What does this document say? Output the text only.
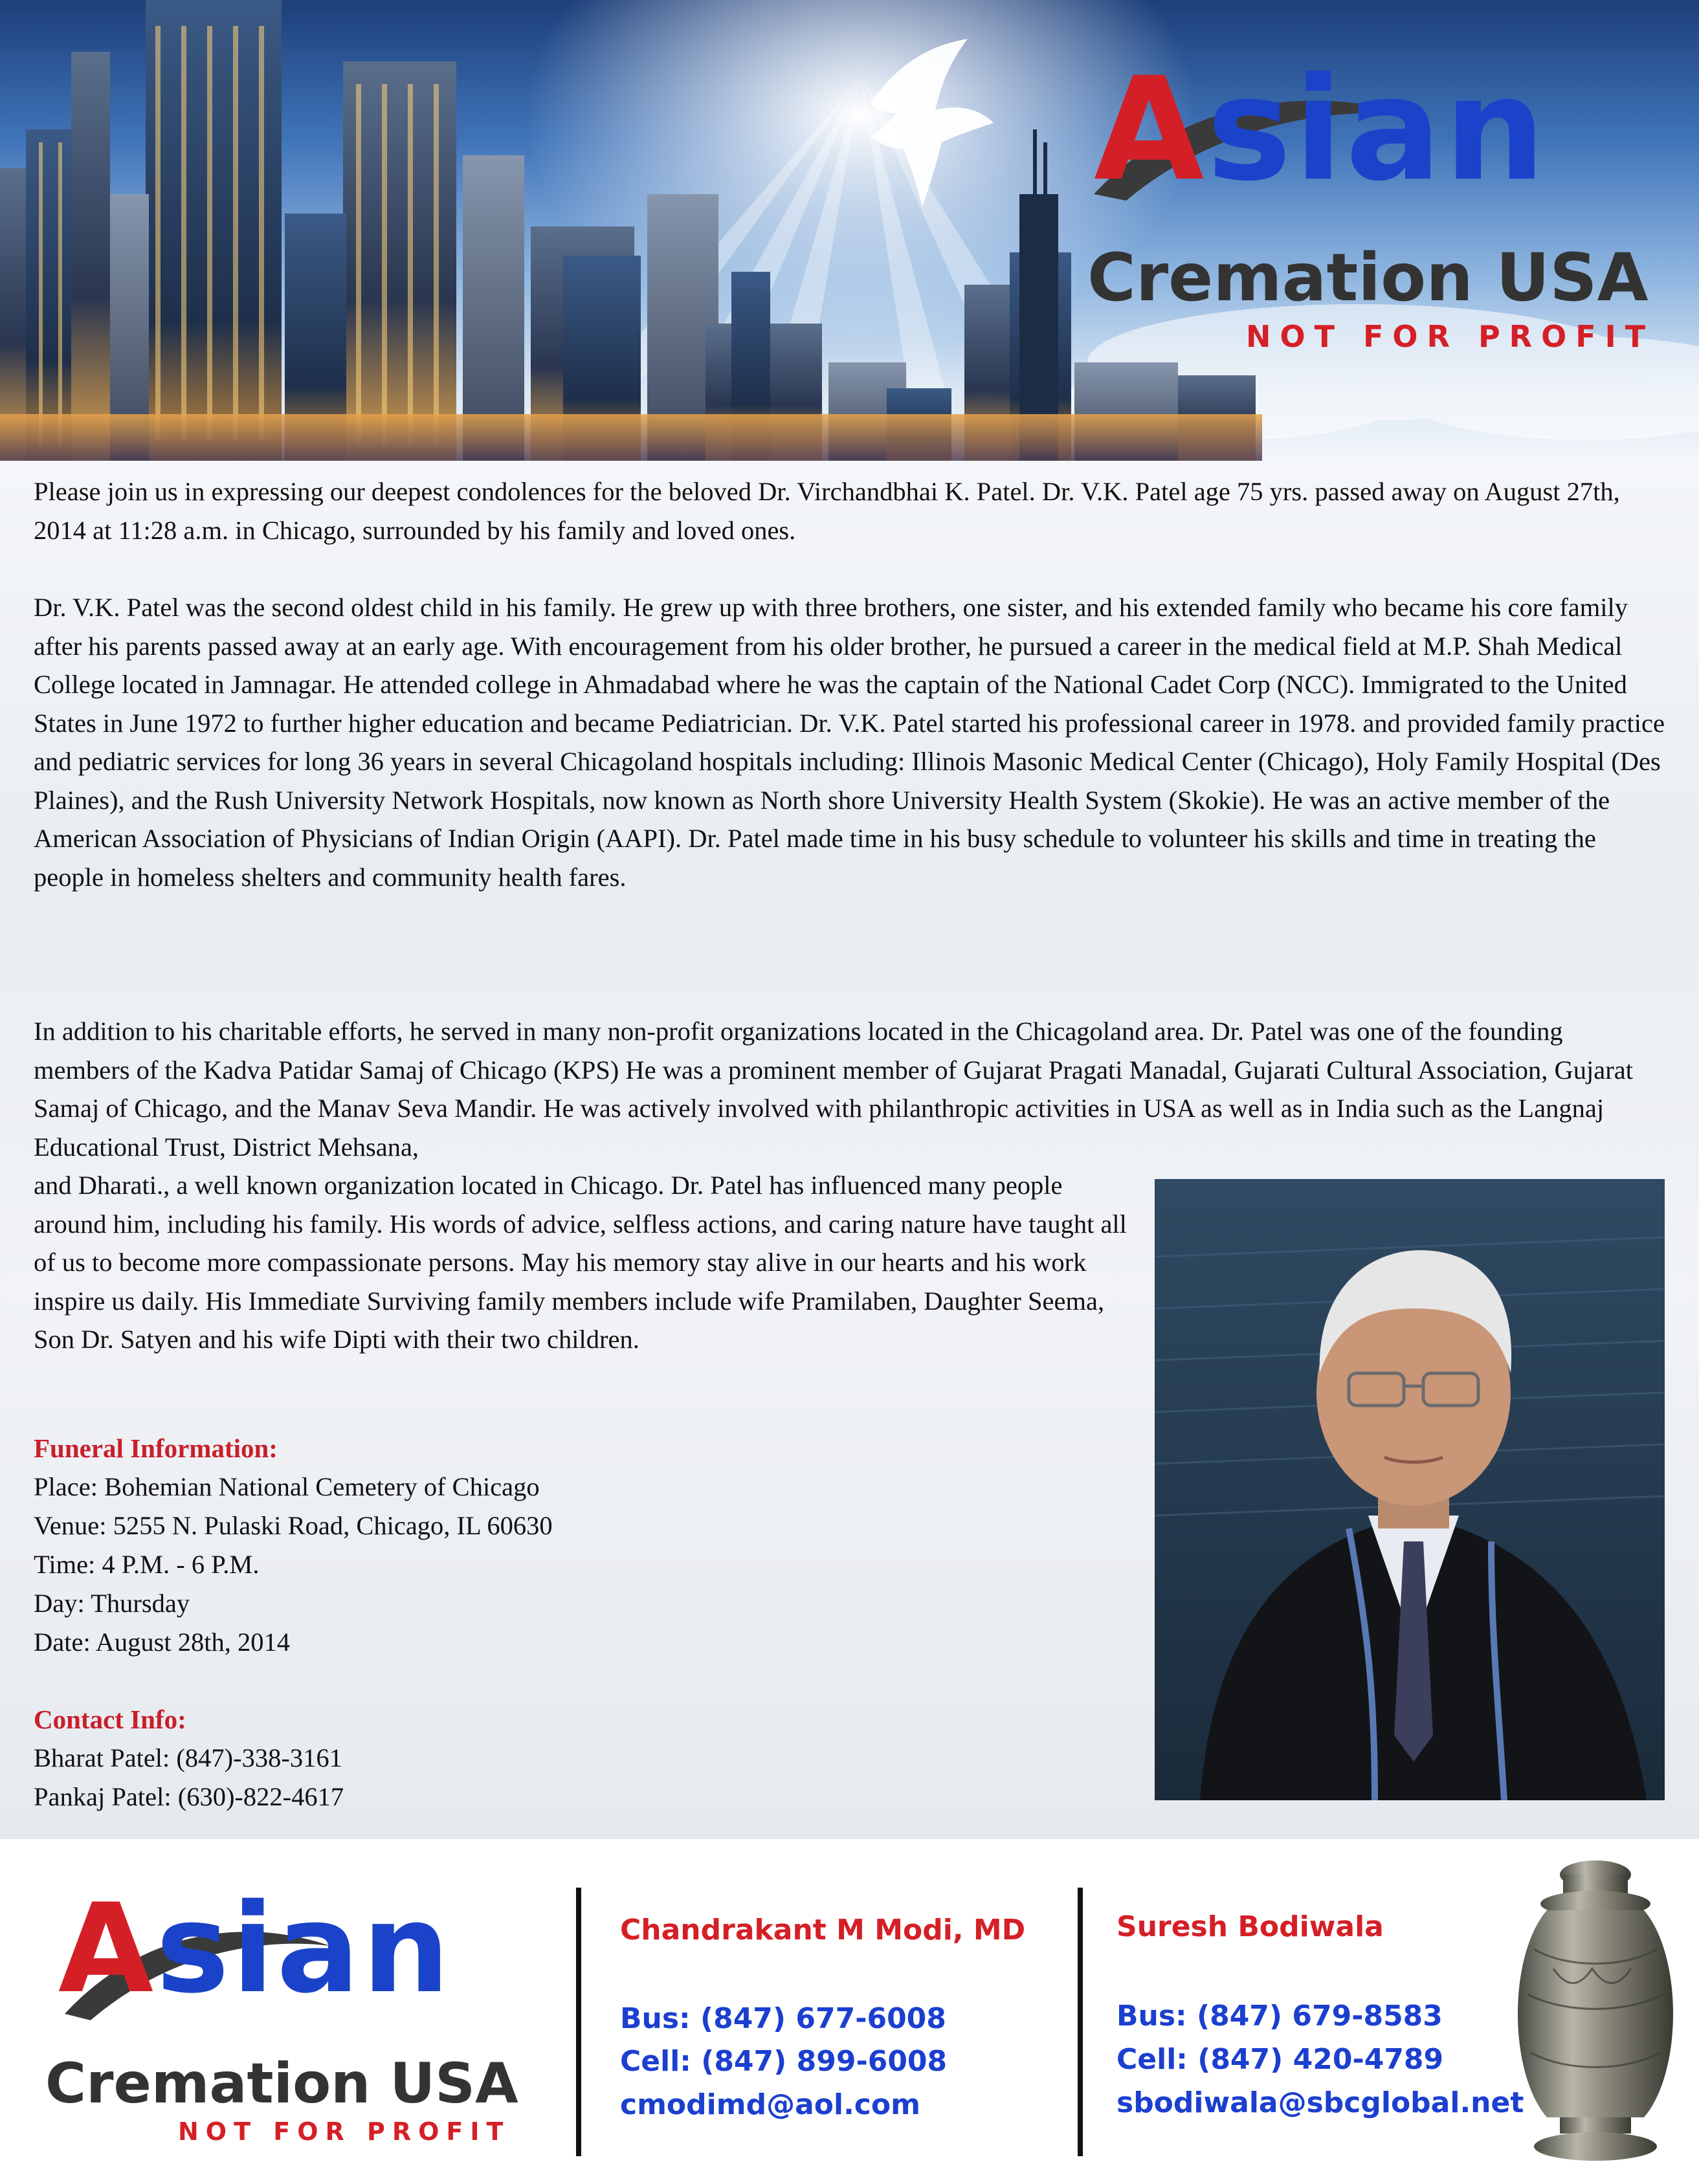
Asian
Cremation USA
NOT FOR PROFIT

Please join us in expressing our deepest condolences for the beloved Dr. Virchandbhai K. Patel. Dr. V.K. Patel age 75 yrs. passed away on August 27th, 2014 at 11:28 a.m. in Chicago, surrounded by his family and loved ones.

Dr. V.K. Patel was the second oldest child in his family. He grew up with three brothers, one sister, and his extended family who became his core family after his parents passed away at an early age. With encouragement from his older brother, he pursued a career in the medical field at M.P. Shah Medical College located in Jamnagar. He attended college in Ahmadabad where he was the captain of the National Cadet Corp (NCC). Immigrated to the United States in June 1972 to further higher education and became Pediatrician. Dr. V.K. Patel started his professional career in 1978. and provided family practice and pediatric services for long 36 years in several Chicagoland hospitals including: Illinois Masonic Medical Center (Chicago), Holy Family Hospital (Des Plaines), and the Rush University Network Hospitals, now known as North shore University Health System (Skokie). He was an active member of the American Association of Physicians of Indian Origin (AAPI). Dr. Patel made time in his busy schedule to volunteer his skills and time in treating the people in homeless shelters and community health fares.

In addition to his charitable efforts, he served in many non-profit organizations located in the Chicagoland area. Dr. Patel was one of the founding members of the Kadva Patidar Samaj of Chicago (KPS) He was a prominent member of Gujarat Pragati Manadal, Gujarati Cultural Association, Gujarat Samaj of Chicago, and the Manav Seva Mandir. He was actively involved with philanthropic activities in USA as well as in India such as the Langnaj Educational Trust, District Mehsana,

and Dharati., a well known organization located in Chicago. Dr. Patel has influenced many people around him, including his family. His words of advice, selfless actions, and caring nature have taught all of us to become more compassionate persons. May his memory stay alive in our hearts and his work inspire us daily. His Immediate Surviving family members include wife Pramilaben, Daughter Seema, Son Dr. Satyen and his wife Dipti with their two children.

Funeral Information:

Place: Bohemian National Cemetery of Chicago

Venue: 5255 N. Pulaski Road, Chicago, IL 60630

Time: 4 P.M. - 6 P.M.

Day: Thursday

Date: August 28th, 2014

Contact Info:

Bharat Patel: (847)-338-3161

Pankaj Patel: (630)-822-4617

Asian
Cremation USA
NOT FOR PROFIT

Chandrakant M Modi, MD

Bus: (847) 677-6008

Cell: (847) 899-6008

cmodimd@aol.com

Suresh Bodiwala

Bus: (847) 679-8583

Cell: (847) 420-4789

sbodiwala@sbcglobal.net
